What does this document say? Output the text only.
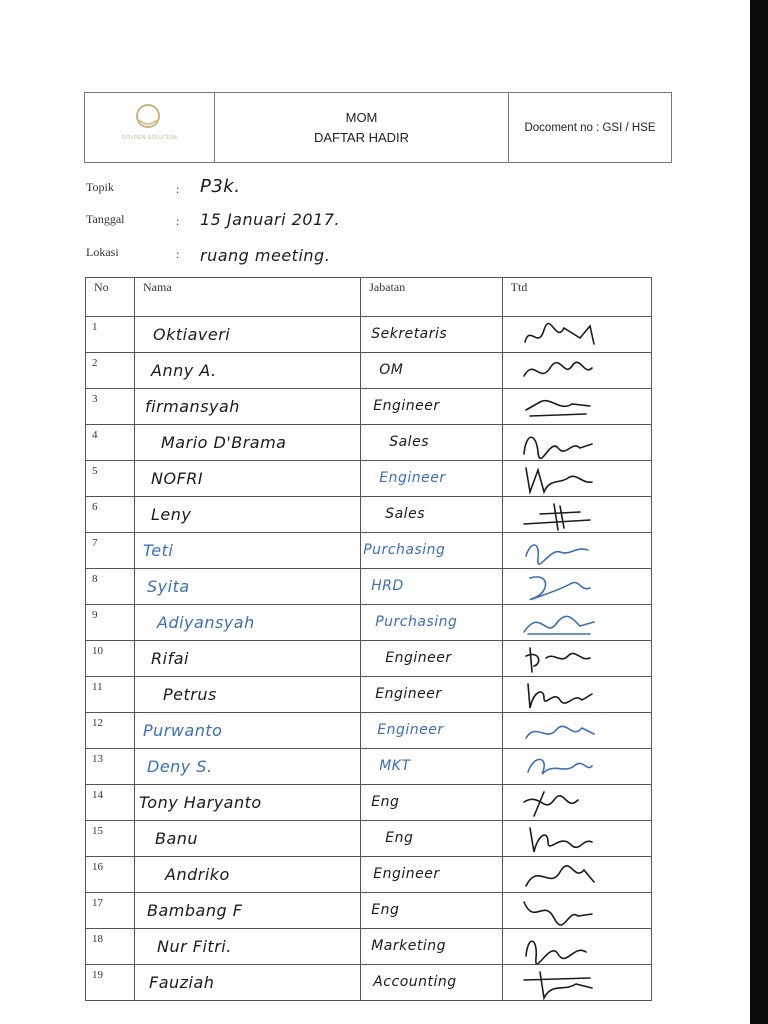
GOLDEN SOLUTION
MOM
DAFTAR HADIR
Docoment no : GSI / HSE
Topik	: P3k.
Tanggal	: 15 Januari 2017.
Lokasi	: ruang meeting.
No	Nama	Jabatan	Ttd

1	Oktiaveri	Sekretaris

2	Anny A.	OM

3	firmansyah	Engineer

4	Mario D'Brama	Sales

5	NOFRI	Engineer

6	Leny	Sales

7	Teti	Purchasing

8	Syita	HRD

9	Adiyansyah	Purchasing

10	Rifai	Engineer

11	Petrus	Engineer

12	Purwanto	Engineer

13	Deny S.	MKT

14	Tony Haryanto	Eng

15	Banu	Eng

16	Andriko	Engineer

17	Bambang F	Eng

18	Nur Fitri.	Marketing

19	Fauziah	Accounting
